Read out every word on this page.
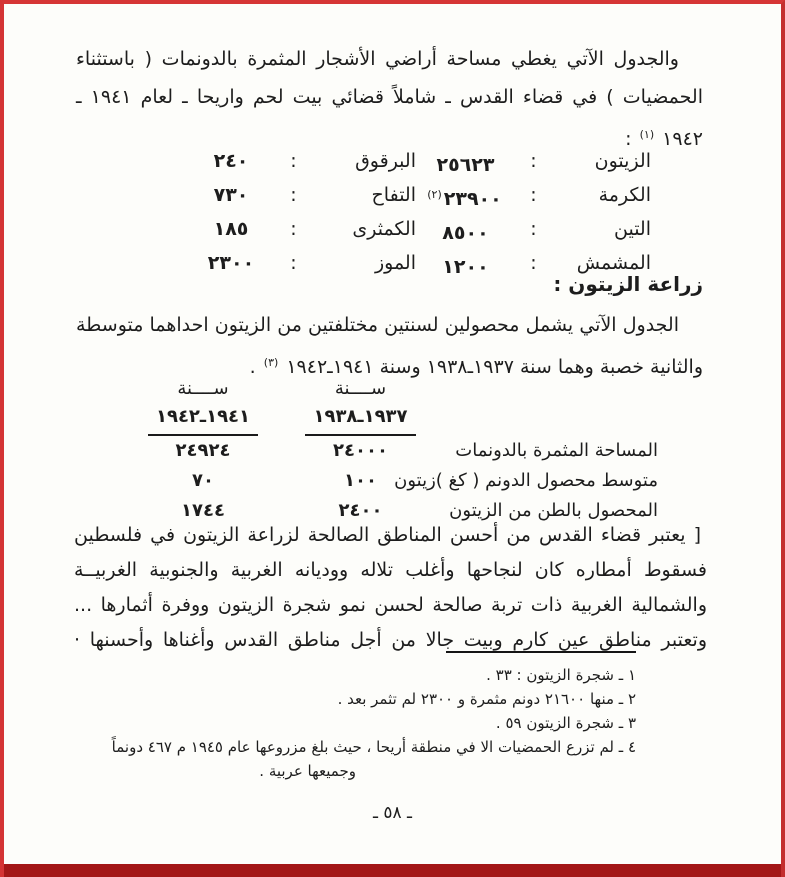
والجدول الآتي يغطي مساحة أراضي الأشجار المثمرة بالدونمات ( باستثناء
الحمضيات ) في قضاء القدس ـ شاملاً قضائي بيت لحم واريحا ـ لعام ١٩٤١ ـ
١٩٤٢ $^{(١)}$ :
الزيتون
:
٢٥٦٢٣
البرقوق
:
٢٤٠
الكرمة
:
٢٣٩٠٠$^{(٢)}$
التفاح
:
٧٣٠
التين
:
٨٥٠٠
الكمثرى
:
١٨٥
المشمش
:
١٢٠٠
الموز
:
٢٣٠٠
زراعة الزيتون :
الجدول الآتي يشمل محصولين لسنتين مختلفتين من الزيتون احداهما متوسطة
والثانية خصبة وهما سنة ١٩٣٧ـ١٩٣٨ وسنة ١٩٤١ـ١٩٤٢ $^{(٣)}$ .
ســــنة
ســــنة
١٩٣٧ـ١٩٣٨
١٩٤١ـ١٩٤٢
المساحة المثمرة بالدونمات
٢٤٠٠٠
٢٤٩٢٤
متوسط محصول الدونم ( كغ )زيتون
١٠٠
٧٠
المحصول بالطن من الزيتون
٢٤٠٠
١٧٤٤
[ يعتبر قضاء القدس من أحسن المناطق الصالحة لزراعة الزيتون في فلسطين
فسقوط أمطاره كان لنجاحها وأغلب تلاله ووديانه الغربية والجنوبية الغربيــة
والشمالية الغربية ذات تربة صالحة لحسن نمو شجرة الزيتون ووفرة أثمارها ...
وتعتبر مناطق عين كارم وبيت جالا من أجل مناطق القدس وأغناها وأحسنها ·
١ ـ شجرة الزيتون : ٣٣ .
٢ ـ منها ٢١٦٠٠ دونم مثمرة و ٢٣٠٠ لم تثمر بعد .
٣ ـ شجرة الزيتون ٥٩ .
٤ ـ لم تزرع الحمضيات الا في منطقة أريحا ، حيث بلغ مزروعها عام ١٩٤٥ م ٤٦٧ دونماً
وجميعها عربية .
ـ ٥٨ ـ
